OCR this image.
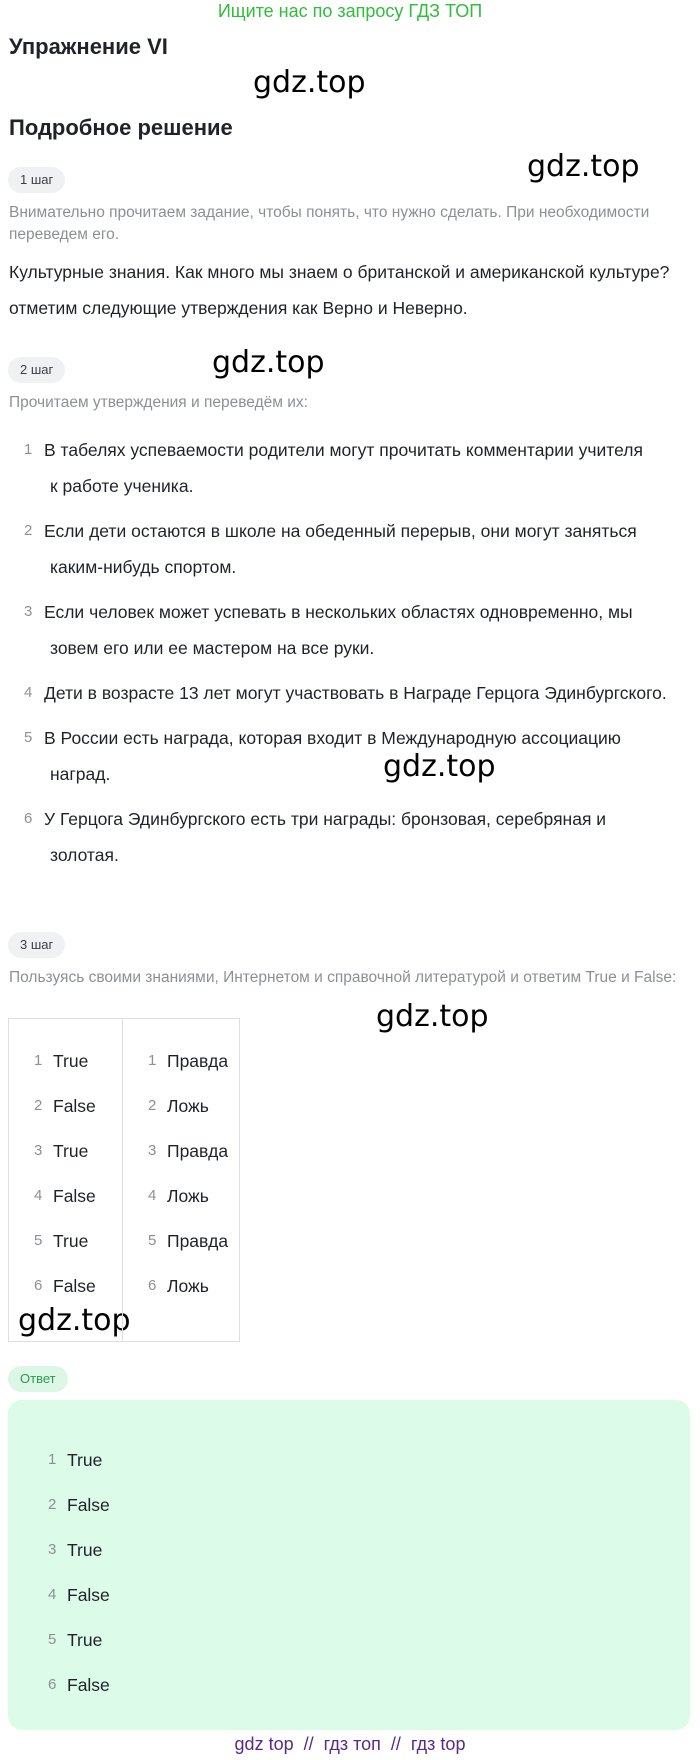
Ищите нас по запросу ГДЗ ТОП
Упражнение VI
Подробное решение
gdz.top
gdz.top
gdz.top
gdz.top
gdz.top
gdz.top
1 шаг
Внимательно прочитаем задание, чтобы понять, что нужно сделать. При необходимости переведем его.
Культурные знания. Как много мы знаем о британской и американской культуре? отметим следующие утверждения как Верно и Неверно.
2 шаг
Прочитаем утверждения и переведём их:
1 В табелях успеваемости родители могут прочитать комментарии учителя
к работе ученика.
2 Если дети остаются в школе на обеденный перерыв, они могут заняться
каким-нибудь спортом.
3 Если человек может успевать в нескольких областях одновременно, мы
зовем его или ее мастером на все руки.
4 Дети в возрасте 13 лет могут участвовать в Награде Герцога Эдинбургского.
5 В России есть награда, которая входит в Международную ассоциацию
наград.
6 У Герцога Эдинбургского есть три награды: бронзовая, серебряная и
золотая.
3 шаг
Пользуясь своими знаниями, Интернетом и справочной литературой и ответим True и False:
1 True
2 False
3 True
4 False
5 True
6 False
1 Правда
2 Ложь
3 Правда
4 Ложь
5 Правда
6 Ложь
Ответ
1 True
2 False
3 True
4 False
5 True
6 False
gdz top  //  гдз топ  //  гдз top
